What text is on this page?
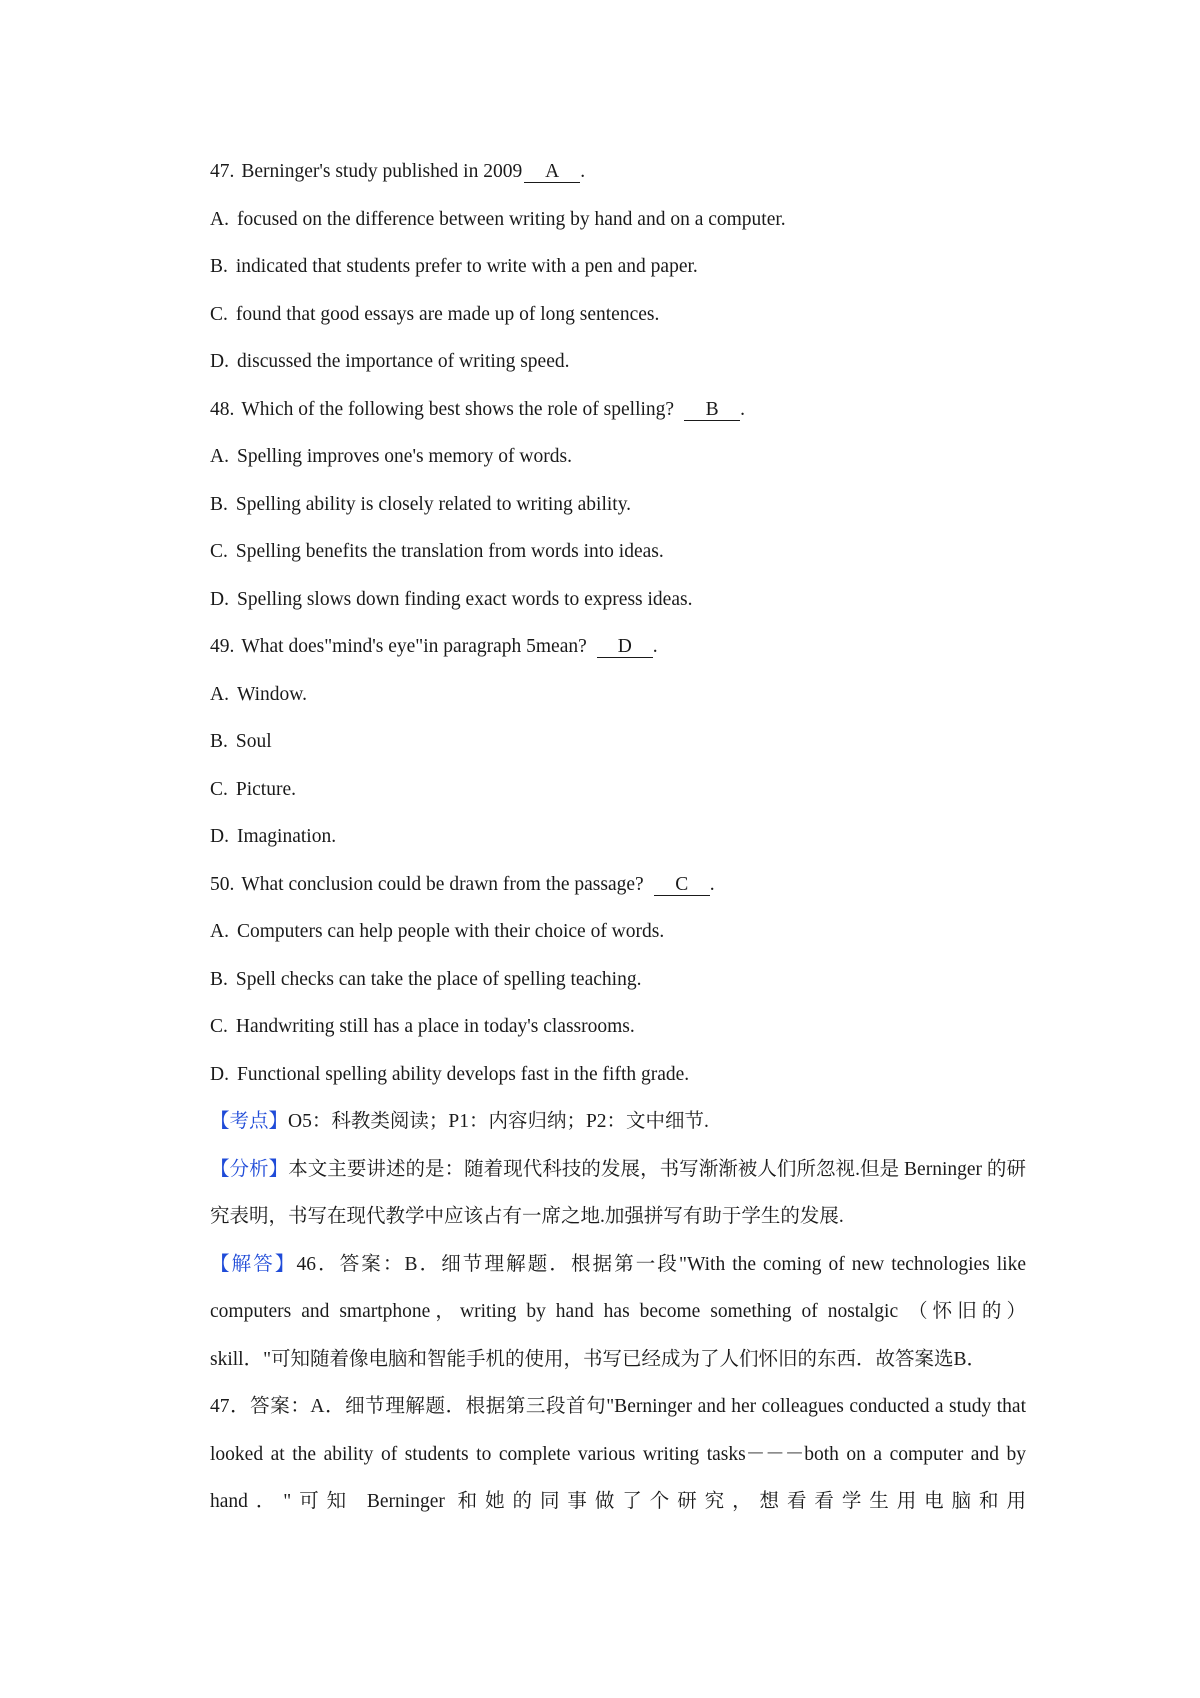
47. Berninger's study published in 2009 A .
A. focused on the difference between writing by hand and on a computer.
B. indicated that students prefer to write with a pen and paper.
C. found that good essays are made up of long sentences.
D. discussed the importance of writing speed.
48. Which of the following best shows the role of spelling? B .
A. Spelling improves one's memory of words.
B. Spelling ability is closely related to writing ability.
C. Spelling benefits the translation from words into ideas.
D. Spelling slows down finding exact words to express ideas.
49. What does"mind's eye"in paragraph 5mean? D .
A. Window.
B. Soul
C. Picture.
D. Imagination.
50. What conclusion could be drawn from the passage? C .
A. Computers can help people with their choice of words.
B. Spell checks can take the place of spelling teaching.
C. Handwriting still has a place in today's classrooms.
D. Functional spelling ability develops fast in the fifth grade.
【考点】O5：科教类阅读；P1：内容归纳；P2：文中细节.
【分析】本文主要讲述的是：随着现代科技的发展，书写渐渐被人们所忽视.但是 Berninger 的研究表明，书写在现代教学中应该占有一席之地.加强拼写有助于学生的发展.
【解答】46．答案：B．细节理解题．根据第一段"With the coming of new technologies like computers and smartphone，writing by hand has become something of nostalgic （怀旧的） skill．"可知随着像电脑和智能手机的使用，书写已经成为了人们怀旧的东西．故答案选B．
47．答案：A．细节理解题．根据第三段首句"Berninger and her colleagues conducted a study that looked at the ability of students to complete various writing tasks－－－both on a computer and by hand．"可知 Berninger 和她的同事做了个研究，想看看学生用电脑和用
